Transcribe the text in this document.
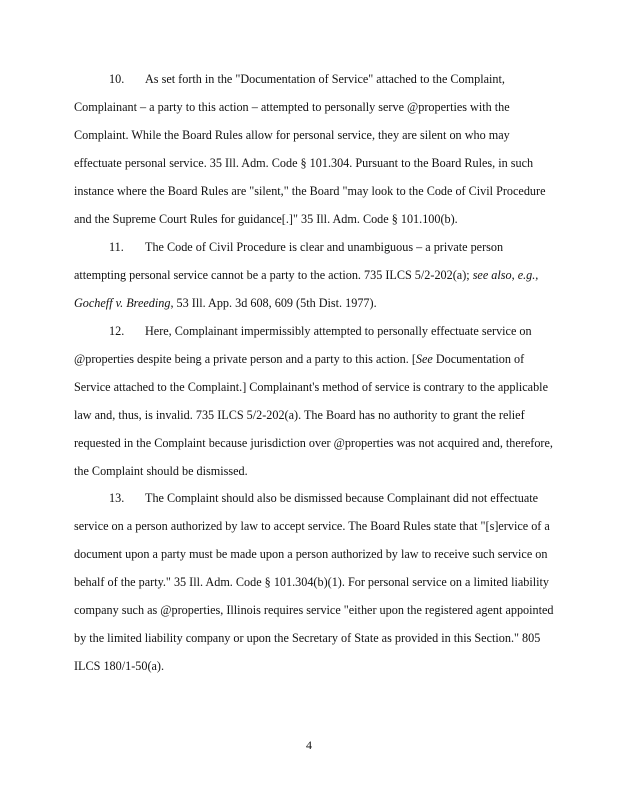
10. As set forth in the "Documentation of Service" attached to the Complaint,
Complainant – a party to this action – attempted to personally serve @properties with the
Complaint. While the Board Rules allow for personal service, they are silent on who may
effectuate personal service. 35 Ill. Adm. Code § 101.304. Pursuant to the Board Rules, in such
instance where the Board Rules are "silent," the Board "may look to the Code of Civil Procedure
and the Supreme Court Rules for guidance[.]" 35 Ill. Adm. Code § 101.100(b).
11. The Code of Civil Procedure is clear and unambiguous – a private person
attempting personal service cannot be a party to the action. 735 ILCS 5/2-202(a); see also, e.g.,
Gocheff v. Breeding, 53 Ill. App. 3d 608, 609 (5th Dist. 1977).
12. Here, Complainant impermissibly attempted to personally effectuate service on
@properties despite being a private person and a party to this action. [See Documentation of
Service attached to the Complaint.] Complainant's method of service is contrary to the applicable
law and, thus, is invalid. 735 ILCS 5/2-202(a). The Board has no authority to grant the relief
requested in the Complaint because jurisdiction over @properties was not acquired and, therefore,
the Complaint should be dismissed.
13. The Complaint should also be dismissed because Complainant did not effectuate
service on a person authorized by law to accept service. The Board Rules state that "[s]ervice of a
document upon a party must be made upon a person authorized by law to receive such service on
behalf of the party." 35 Ill. Adm. Code § 101.304(b)(1). For personal service on a limited liability
company such as @properties, Illinois requires service "either upon the registered agent appointed
by the limited liability company or upon the Secretary of State as provided in this Section." 805
ILCS 180/1-50(a).
4
